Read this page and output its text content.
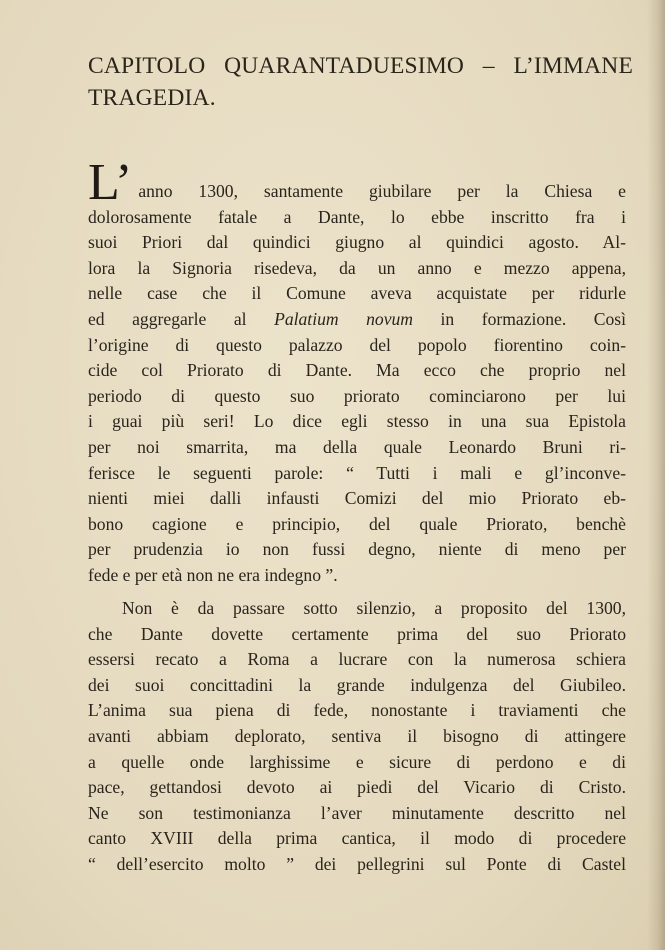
CAPITOLO QUARANTADUESIMO – L’IMMANE
TRAGEDIA.

L’ anno 1300, santamente giubilare per la Chiesa e
dolorosamente fatale a Dante, lo ebbe inscritto fra i
suoi Priori dal quindici giugno al quindici agosto. Al-
lora la Signoria risedeva, da un anno e mezzo appena,
nelle case che il Comune aveva acquistate per ridurle
ed aggregarle al Palatium novum in formazione. Così
l’origine di questo palazzo del popolo fiorentino coin-
cide col Priorato di Dante. Ma ecco che proprio nel
periodo di questo suo priorato cominciarono per lui
i guai più seri! Lo dice egli stesso in una sua Epistola
per noi smarrita, ma della quale Leonardo Bruni ri-
ferisce le seguenti parole: “ Tutti i mali e gl’inconve-
nienti miei dalli infausti Comizi del mio Priorato eb-
bono cagione e principio, del quale Priorato, benchè
per prudenzia io non fussi degno, niente di meno per
fede e per età non ne era indegno ”.

Non è da passare sotto silenzio, a proposito del 1300,
che Dante dovette certamente prima del suo Priorato
essersi recato a Roma a lucrare con la numerosa schiera
dei suoi concittadini la grande indulgenza del Giubileo.
L’anima sua piena di fede, nonostante i traviamenti che
avanti abbiam deplorato, sentiva il bisogno di attingere
a quelle onde larghissime e sicure di perdono e di
pace, gettandosi devoto ai piedi del Vicario di Cristo.
Ne son testimonianza l’aver minutamente descritto nel
canto XVIII della prima cantica, il modo di procedere
“ dell’esercito molto ” dei pellegrini sul Ponte di Castel
